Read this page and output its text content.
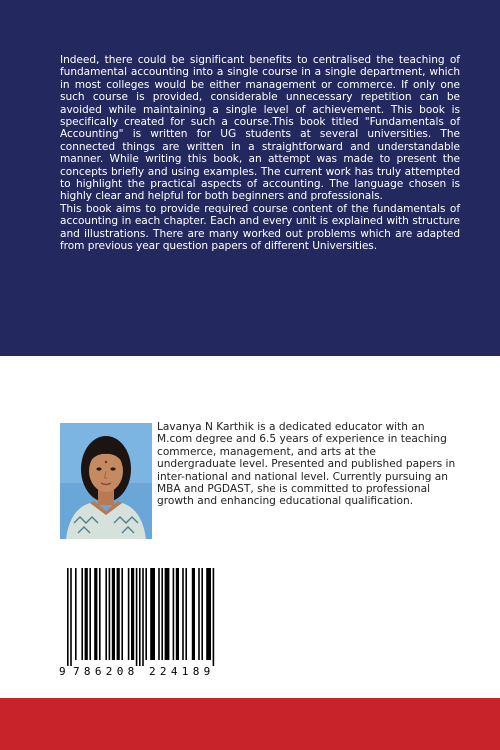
Indeed, there could be significant benefits to centralised the teaching of fundamental accounting into a single course in a single department, which in most colleges would be either management or commerce. If only one such course is provided, considerable unnecessary repetition can be avoided while maintaining a single level of achievement. This book is specifically created for such a course.This book titled "Fundamentals of Accounting" is written for UG students at several universities. The connected things are written in a straightforward and understandable manner. While writing this book, an attempt was made to present the concepts briefly and using examples. The current work has truly attempted to highlight the practical aspects of accounting. The language chosen is highly clear and helpful for both beginners and professionals.

This book aims to provide required course content of the fundamentals of accounting in each chapter. Each and every unit is explained with structure and illustrations. There are many worked out problems which are adapted from previous year question papers of different Universities.

Lavanya N Karthik is a dedicated educator with an M.com degree and 6.5 years of experience in teaching commerce, management, and arts at the undergraduate level. Presented and published papers in inter-national and national level. Currently pursuing an MBA and PGDAST, she is committed to professional growth and enhancing educational qualification.
9 786208 224189
